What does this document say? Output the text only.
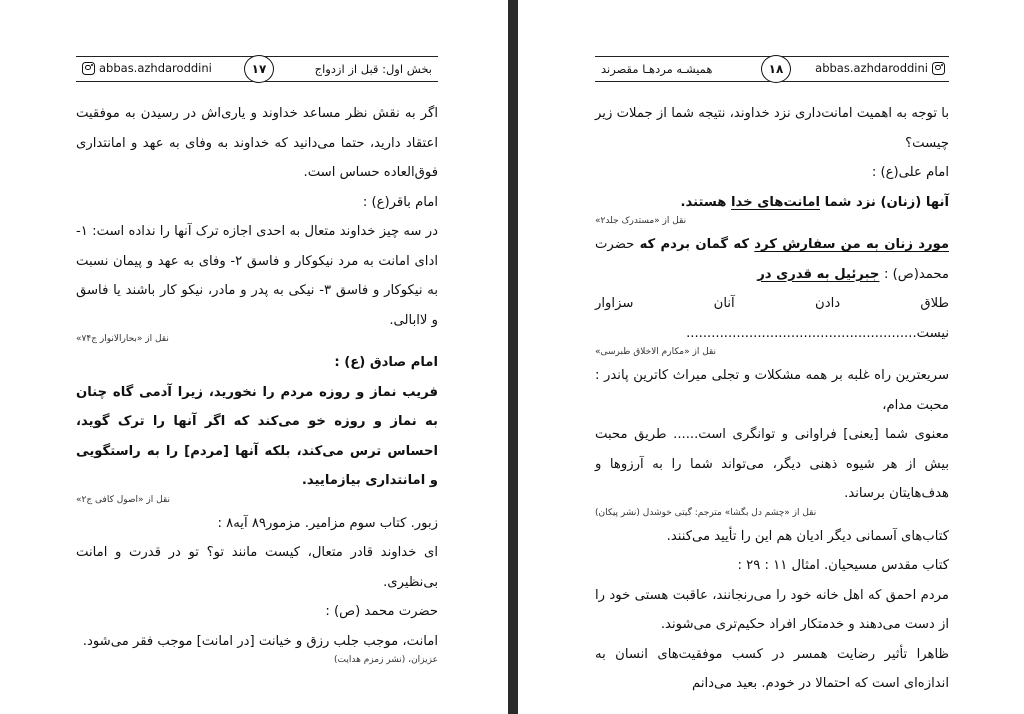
abbas.azhdaroddini	۱۷	بخش اول: قبل از ازدواج

اگر به نقش نظر مساعد خداوند و یاری‌اش در رسیدن به موفقیت اعتقاد دارید، حتما می‌دانید که خداوند به وفای به عهد و امانتداری فوق‌العاده حساس است.

امام باقر(ع) :

در سه چیز خداوند متعال به احدی اجازه ترک آنها را نداده است: ۱- ادای امانت به مرد نیکوکار و فاسق ۲- وفای به عهد و پیمان نسبت به نیکوکار و فاسق ۳- نیکی به پدر و مادر، نیکو کار باشند یا فاسق و لاابالی.

نقل از «بحارالانوار ج۷۴»

امام صادق (ع) :

فریب نماز و روزه مردم را نخورید، زیرا آدمی گاه چنان به نماز و روزه خو می‌کند که اگر آنها را ترک گوید، احساس ترس می‌کند، بلکه آنها [مردم] را به راستگویی و امانتداری بیازمایید.

نقل از «اصول کافی ج۲»

زبور. کتاب سوم مزامیر. مزمور۸۹ آیه۸ :

ای خداوند قادر متعال، کیست مانند تو؟ تو در قدرت و امانت بی‌نظیری.

حضرت محمد (ص) :

امانت، موجب جلب رزق و خیانت [در امانت] موجب فقر می‌شود.

عزیزان، (نشر زمزم هدایت)

همیشـه مردهـا مقصرند	۱۸	abbas.azhdaroddini

با توجه به اهمیت امانت‌داری نزد خداوند، نتیجه شما از جملات زیر چیست؟

امام علی(ع) :

آنها (زنان) نزد شما امانت‌های خدا هستند.

نقل از «مستدرک جلد۲»

مورد زنان به من سفارش کرد که گمان بردم که حضرت محمد(ص) : جبرئیل به قدری در

طلاق دادن آنان سزاوار نیست.......................................................

نقل از «مکارم الاخلاق طبرسی»

سریعترین راه غلبه بر همه مشکلات و تجلی میراث کاترین پاندر : محبت مدام،

معنوی شما [یعنی] فراوانی و توانگری است...... طریق محبت بیش از هر شیوه ذهنی دیگر، می‌تواند شما را به آرزوها و هدف‌هایتان برساند.

نقل از «چشم دل بگشا» مترجم: گیتی خوشدل (نشر پیکان)

کتاب‌های آسمانی دیگر ادیان هم این را تأیید می‌کنند.

کتاب مقدس مسیحیان. امثال ۱۱ : ۲۹ :

مردم احمق که اهل خانه خود را می‌رنجانند، عاقبت هستی خود را از دست می‌دهند و خدمتکار افراد حکیم‌تری می‌شوند.

ظاهرا تأثیر رضایت همسر در کسب موفقیت‌های انسان به اندازه‌ای است که احتمالا در خودم. بعید می‌دانم
